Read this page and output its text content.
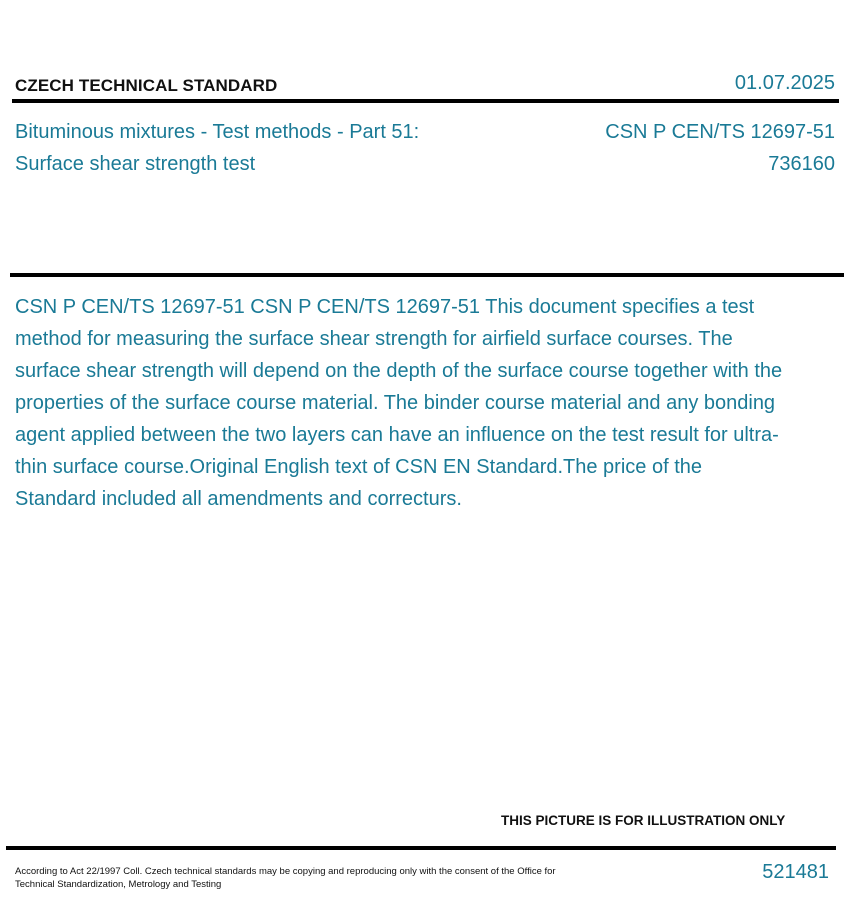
CZECH TECHNICAL STANDARD	01.07.2025
Bituminous mixtures - Test methods - Part 51: Surface shear strength test
CSN P CEN/TS 12697-51
736160
CSN P CEN/TS 12697-51 CSN P CEN/TS 12697-51 This document specifies a test method for measuring the surface shear strength for airfield surface courses. The surface shear strength will depend on the depth of the surface course together with the properties of the surface course material. The binder course material and any bonding agent applied between the two layers can have an influence on the test result for ultra-thin surface course.Original English text of CSN EN Standard.The price of the Standard included all amendments and correcturs.
THIS PICTURE IS FOR ILLUSTRATION ONLY
According to Act 22/1997 Coll. Czech technical standards may be copying and reproducing only with the consent of the Office for Technical Standardization, Metrology and Testing
521481
